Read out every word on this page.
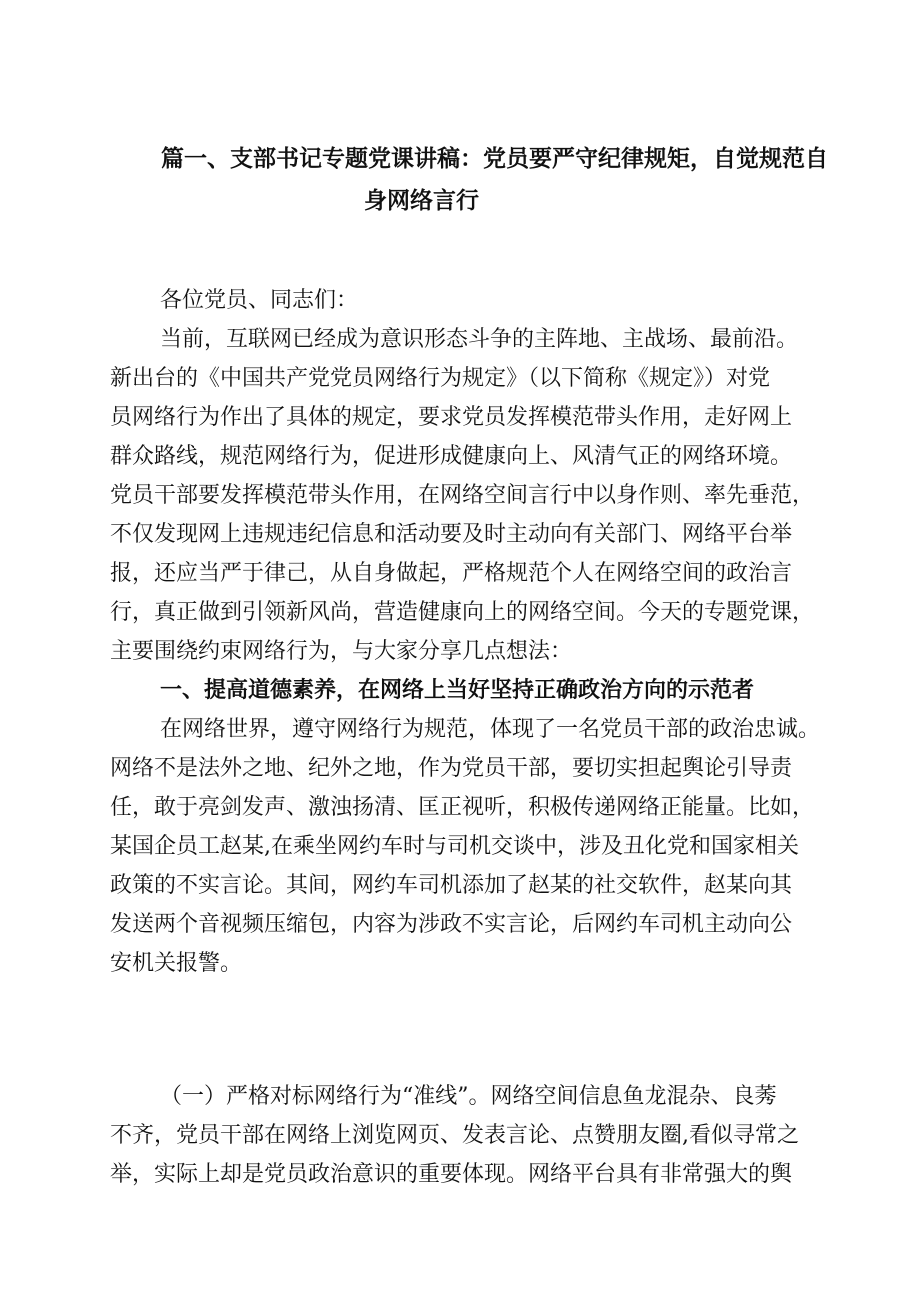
篇一、支部书记专题党课讲稿：党员要严守纪律规矩，自觉规范自
身网络言行
各位党员、同志们：
当前，互联网已经成为意识形态斗争的主阵地、主战场、最前沿。
新出台的《中国共产党党员网络行为规定》（以下简称《规定》）对党
员网络行为作出了具体的规定，要求党员发挥模范带头作用，走好网上
群众路线，规范网络行为，促进形成健康向上、风清气正的网络环境。
党员干部要发挥模范带头作用，在网络空间言行中以身作则、率先垂范，
不仅发现网上违规违纪信息和活动要及时主动向有关部门、网络平台举
报，还应当严于律己，从自身做起，严格规范个人在网络空间的政治言
行，真正做到引领新风尚，营造健康向上的网络空间。今天的专题党课，
主要围绕约束网络行为，与大家分享几点想法：
一、提高道德素养，在网络上当好坚持正确政治方向的示范者
在网络世界，遵守网络行为规范，体现了一名党员干部的政治忠诚。
网络不是法外之地、纪外之地，作为党员干部，要切实担起舆论引导责
任，敢于亮剑发声、激浊扬清、匡正视听，积极传递网络正能量。比如，
某国企员工赵某,在乘坐网约车时与司机交谈中，涉及丑化党和国家相关
政策的不实言论。其间，网约车司机添加了赵某的社交软件，赵某向其
发送两个音视频压缩包，内容为涉政不实言论，后网约车司机主动向公
安机关报警。
（一）严格对标网络行为“准线”。网络空间信息鱼龙混杂、良莠
不齐，党员干部在网络上浏览网页、发表言论、点赞朋友圈,看似寻常之
举，实际上却是党员政治意识的重要体现。网络平台具有非常强大的舆
